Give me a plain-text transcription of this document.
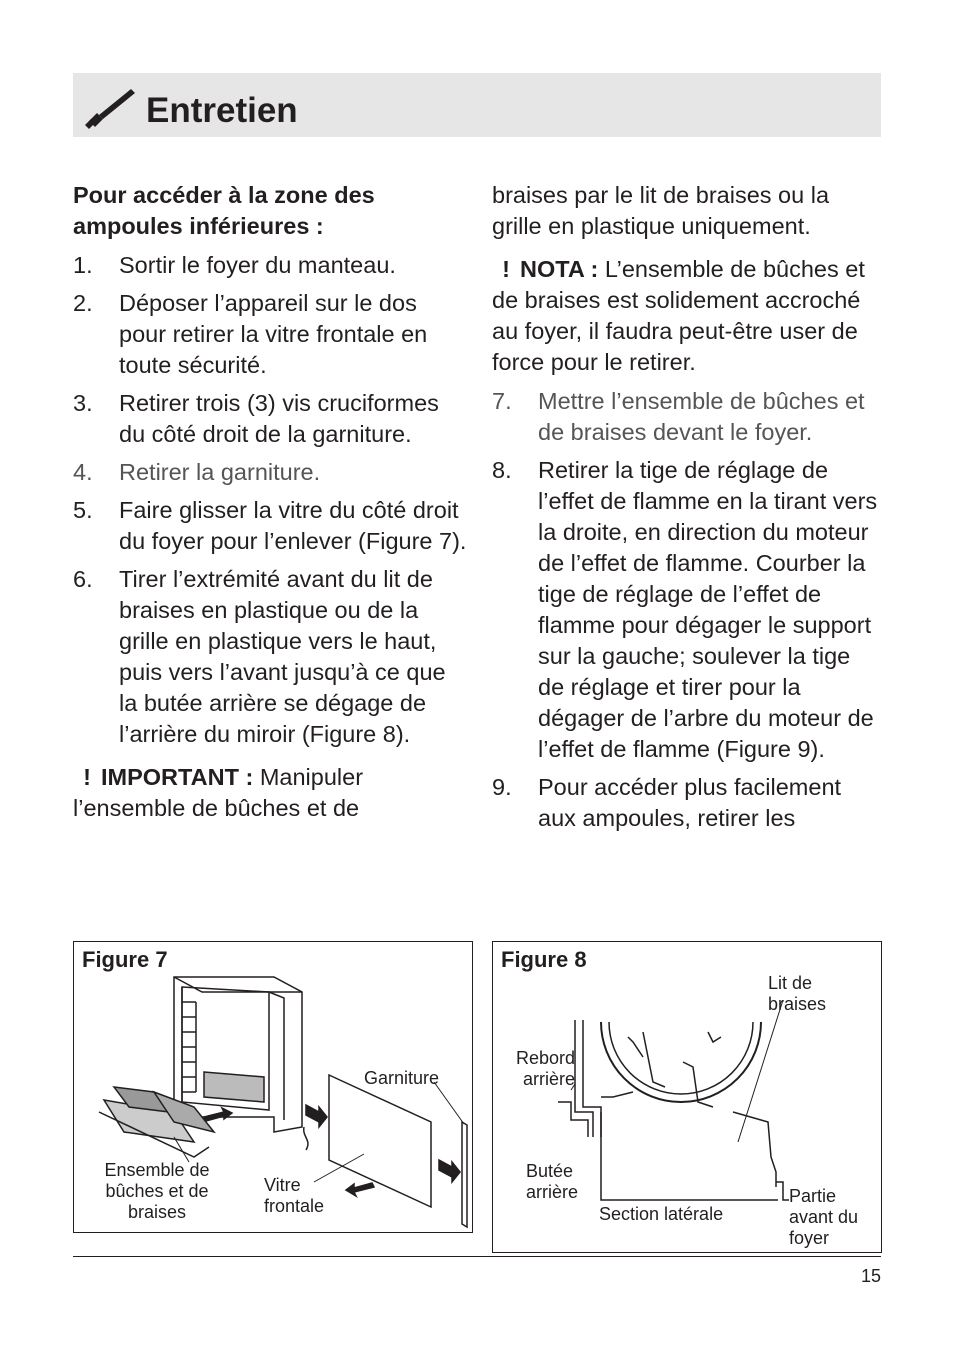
Entretien

Pour accéder à la zone des ampoules inférieures :

1. Sortir le foyer du manteau.
2. Déposer l’appareil sur le dos pour retirer la vitre frontale en toute sécurité.
3. Retirer trois (3) vis cruciformes du côté droit de la garniture.
4. Retirer la garniture.
5. Faire glisser la vitre du côté droit du foyer pour l’enlever (Figure 7).
6. Tirer l’extrémité avant du lit de braises en plastique ou de la grille en plastique vers le haut, puis vers l’avant jusqu’à ce que la butée arrière se dégage de l’arrière du miroir (Figure 8).

! IMPORTANT : Manipuler l’ensemble de bûches et de

braises par le lit de braises ou la grille en plastique uniquement.

! NOTA : L’ensemble de bûches et de braises est solidement accroché au foyer, il faudra peut-être user de force pour le retirer.

7. Mettre l’ensemble de bûches et de braises devant le foyer.
8. Retirer la tige de réglage de l’effet de flamme en la tirant vers la droite, en direction du moteur de l’effet de flamme. Courber la tige de réglage de l’effet de flamme pour dégager le support sur la gauche; soulever la tige de réglage et tirer pour la dégager de l’arbre du moteur de l’effet de flamme (Figure 9).
9. Pour accéder plus facilement aux ampoules, retirer les
Figure 7
Garniture
Ensemble de bûches et de braises
Vitre frontale
Figure 8
Lit de braises
Rebord arrière
Butée arrière
Section latérale
Partie avant du foyer
15
